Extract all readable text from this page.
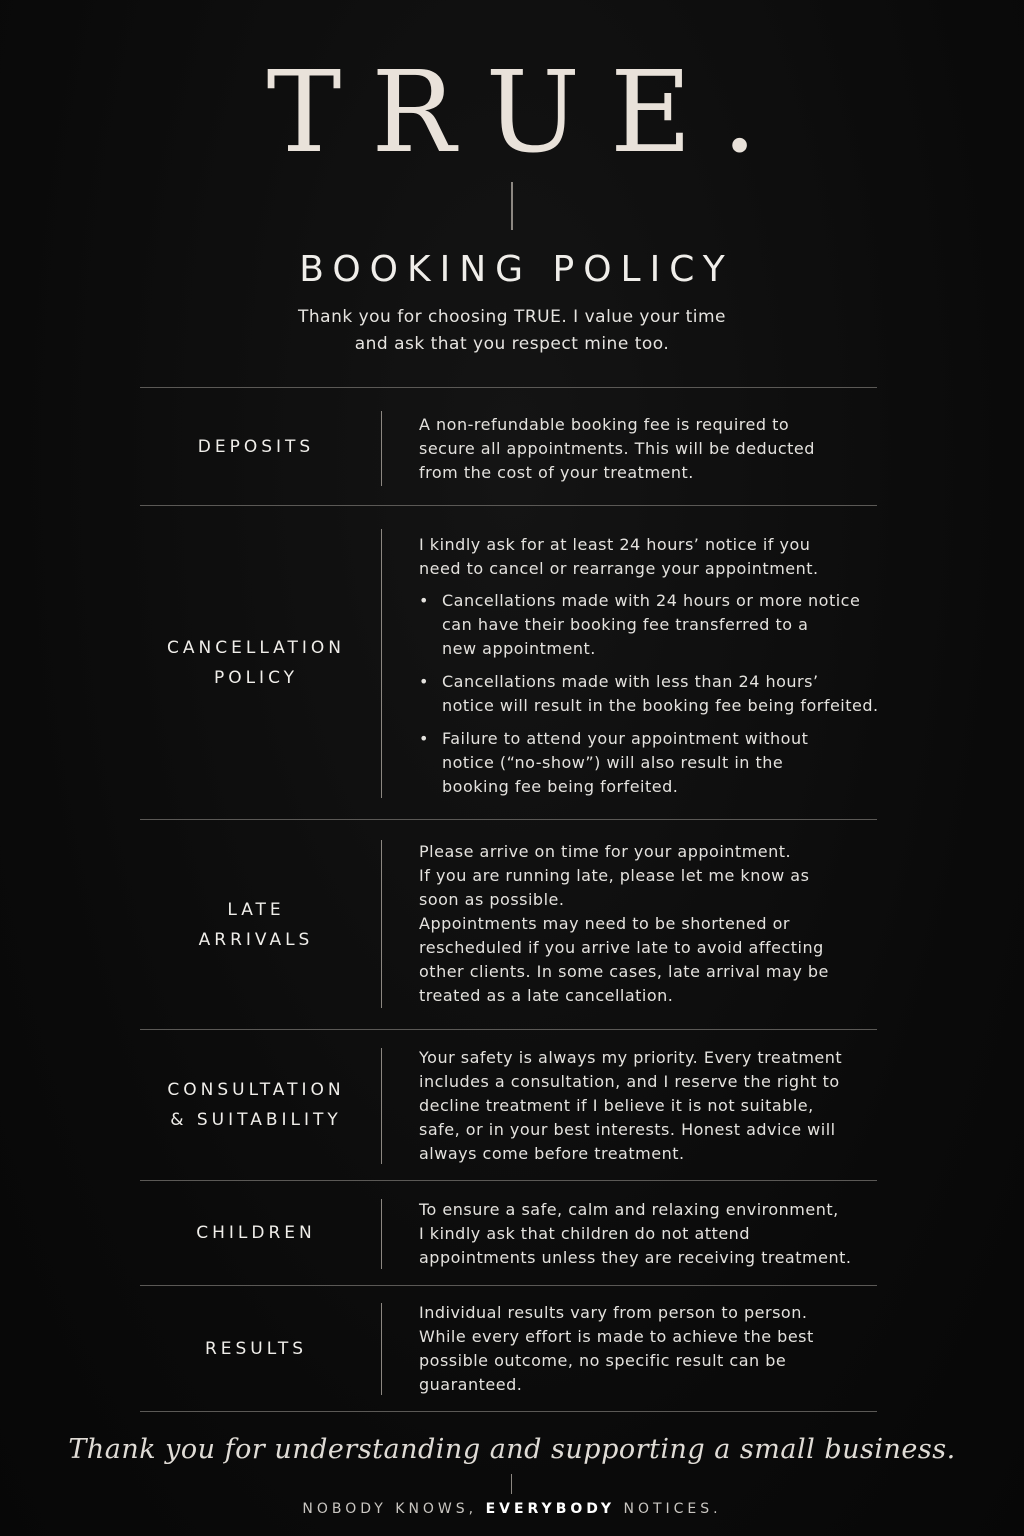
TRUE.
BOOKING POLICY
Thank you for choosing TRUE. I value your time
and ask that you respect mine too.
DEPOSITS

A non-refundable booking fee is required to

secure all appointments. This will be deducted

from the cost of your treatment.

CANCELLATION
POLICY

I kindly ask for at least 24 hours’ notice if you

need to cancel or rearrange your appointment.

• Cancellations made with 24 hours or more notice
can have their booking fee transferred to a
new appointment.
• Cancellations made with less than 24 hours’
notice will result in the booking fee being forfeited.
• Failure to attend your appointment without
notice (“no-show”) will also result in the
booking fee being forfeited.
LATE
ARRIVALS

Please arrive on time for your appointment.

If you are running late, please let me know as

soon as possible.

Appointments may need to be shortened or

rescheduled if you arrive late to avoid affecting

other clients. In some cases, late arrival may be

treated as a late cancellation.

CONSULTATION
& SUITABILITY

Your safety is always my priority. Every treatment

includes a consultation, and I reserve the right to

decline treatment if I believe it is not suitable,

safe, or in your best interests. Honest advice will

always come before treatment.

CHILDREN

To ensure a safe, calm and relaxing environment,

I kindly ask that children do not attend

appointments unless they are receiving treatment.

RESULTS

Individual results vary from person to person.

While every effort is made to achieve the best

possible outcome, no specific result can be

guaranteed.

Thank you for understanding and supporting a small business.
NOBODY KNOWS, EVERYBODY NOTICES.
